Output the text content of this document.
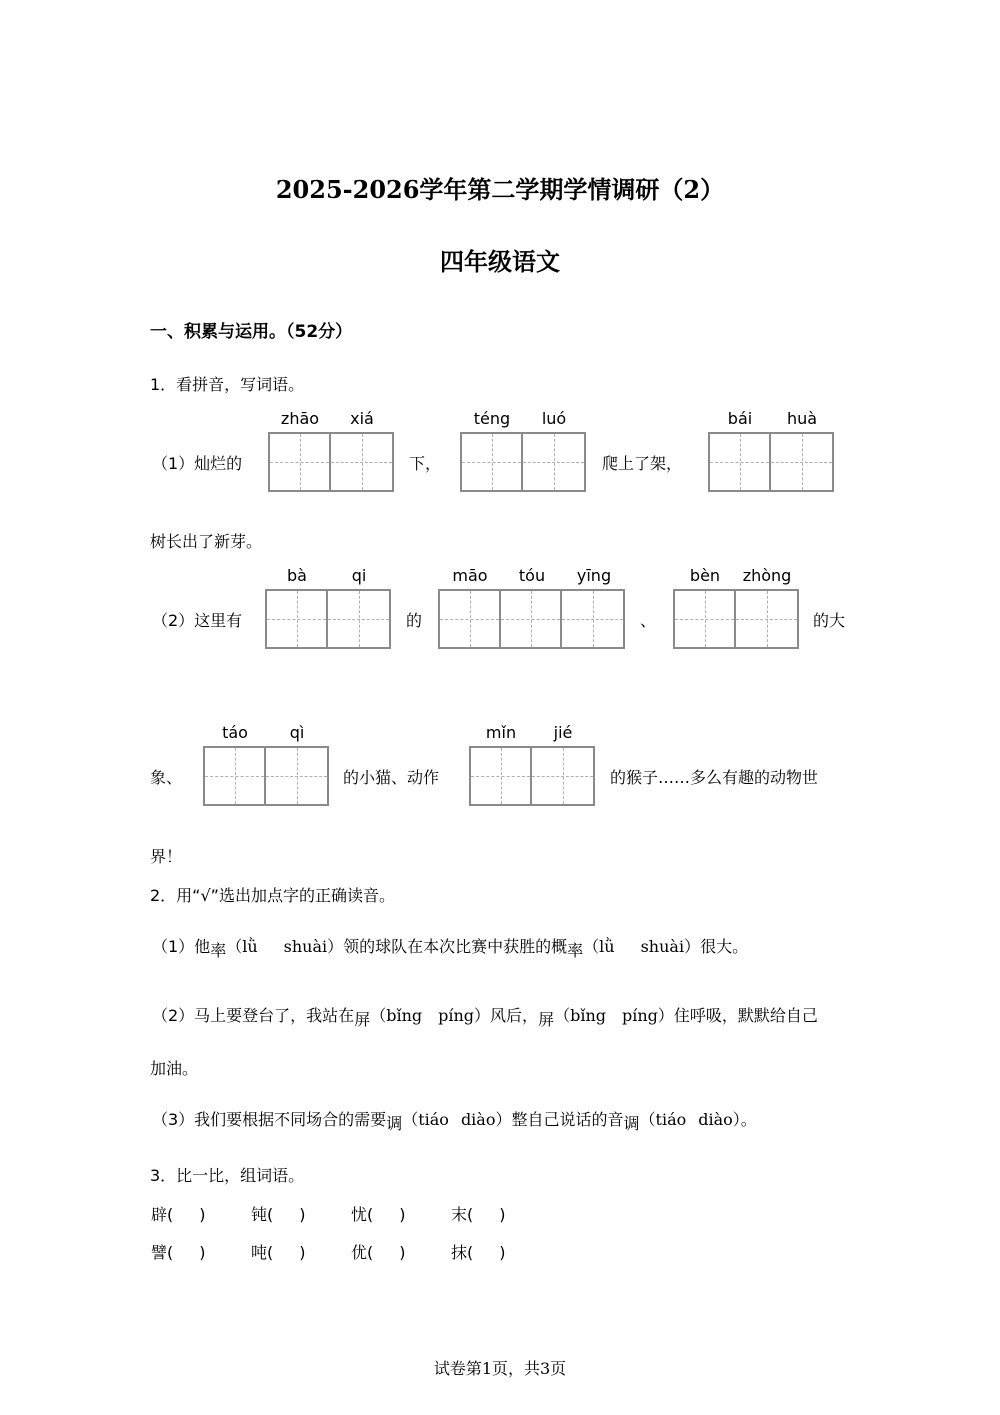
2025-2026学年第二学期学情调研（2）
四年级语文
一、积累与运用。（52分）
1．看拼音，写词语。
zhāo	xiá	téng	luó	bái	huà
（1）灿烂的	下，	爬上了架，
树长出了新芽。
bà	qi	māo	tóu	yīng	bèn	zhòng
（2）这里有	的	、	的大
táo	qì	mǐn	jié
象、	的小猫、动作	的猴子……多么有趣的动物世
界！
2．用“√”选出加点字的正确读音。
（1）他率（lǜ shuài）领的球队在本次比赛中获胜的概率（lǜ shuài）很大。
（2）马上要登台了，我站在屏（bǐng píng）风后，屏（bǐng píng）住呼吸，默默给自己
加油。
（3）我们要根据不同场合的需要调（tiáo diào）整自己说话的音调（tiáo diào）。
3．比一比，组词语。
辟( )	钝( )	忧( )	末( )
譬( )	吨( )	优( )	抹( )
试卷第1页，共3页
